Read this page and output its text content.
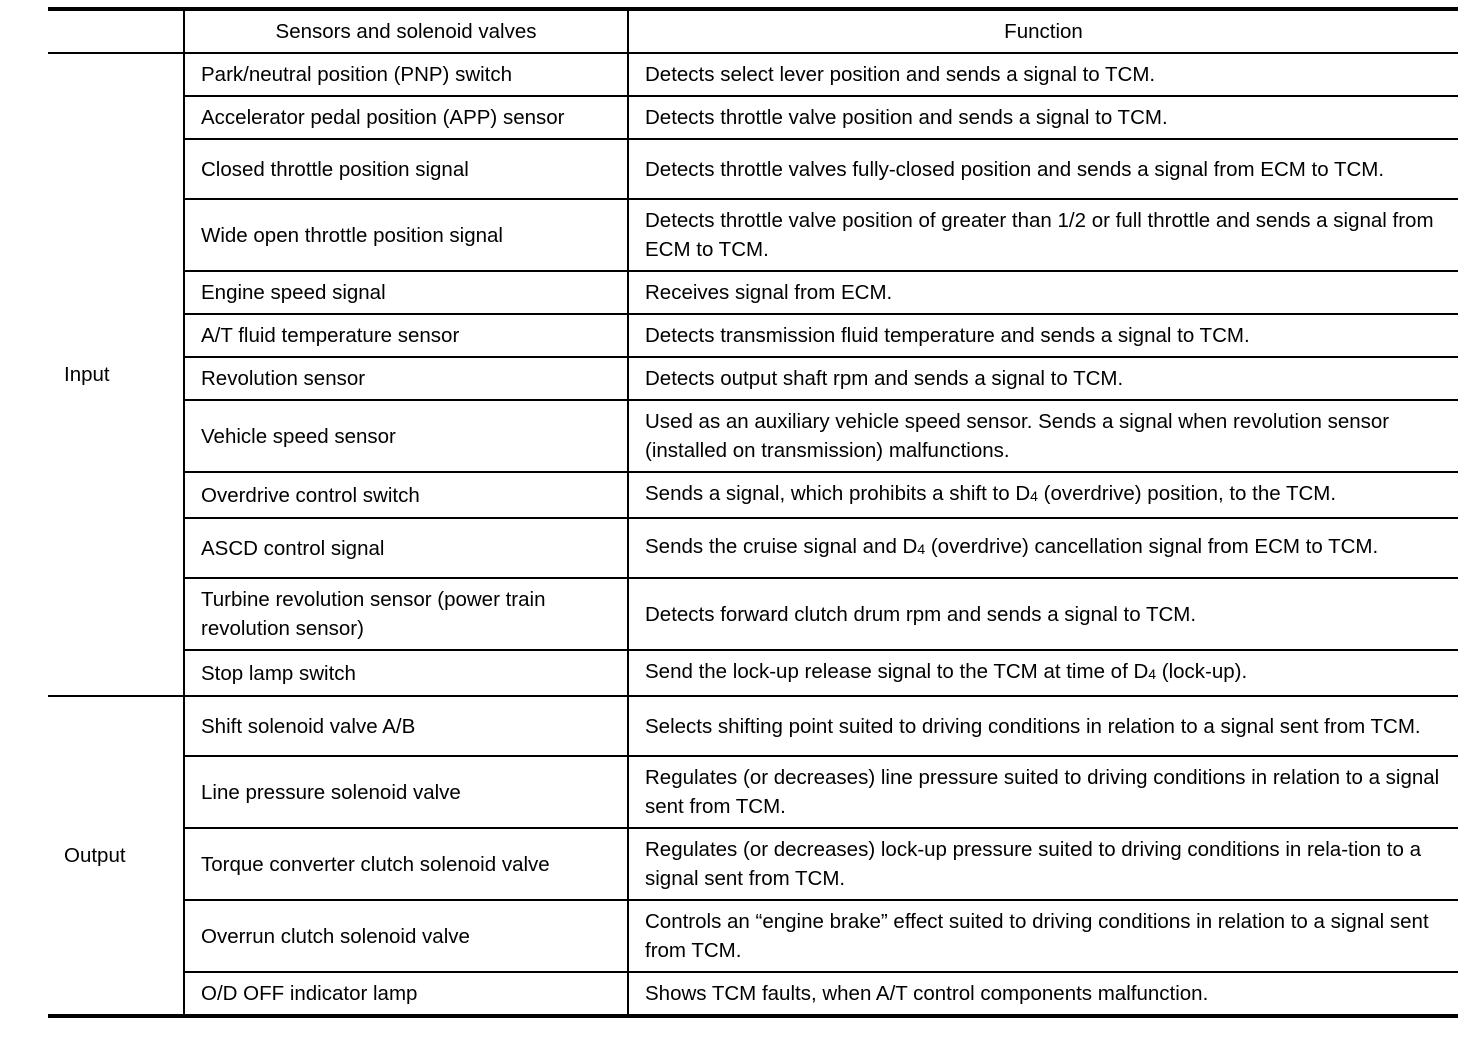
	Sensors and solenoid valves	Function
Input	Park/neutral position (PNP) switch	Detects select lever position and sends a signal to TCM.
	Accelerator pedal position (APP) sensor	Detects throttle valve position and sends a signal to TCM.
	Closed throttle position signal	Detects throttle valves fully-closed position and sends a signal from ECM to TCM.
	Wide open throttle position signal	Detects throttle valve position of greater than 1/2 or full throttle and sends a signal from ECM to TCM.
	Engine speed signal	Receives signal from ECM.
	A/T fluid temperature sensor	Detects transmission fluid temperature and sends a signal to TCM.
	Revolution sensor	Detects output shaft rpm and sends a signal to TCM.
	Vehicle speed sensor	Used as an auxiliary vehicle speed sensor. Sends a signal when revolution sensor (installed on transmission) malfunctions.
	Overdrive control switch	Sends a signal, which prohibits a shift to $D_4$ (overdrive) position, to the TCM.
	ASCD control signal	Sends the cruise signal and $D_4$ (overdrive) cancellation signal from ECM to TCM.
	Turbine revolution sensor (power train revolution sensor)	Detects forward clutch drum rpm and sends a signal to TCM.
	Stop lamp switch	Send the lock-up release signal to the TCM at time of $D_4$ (lock-up).
Output	Shift solenoid valve A/B	Selects shifting point suited to driving conditions in relation to a signal sent from TCM.
	Line pressure solenoid valve	Regulates (or decreases) line pressure suited to driving conditions in relation to a signal sent from TCM.
	Torque converter clutch solenoid valve	Regulates (or decreases) lock-up pressure suited to driving conditions in rela-tion to a signal sent from TCM.
	Overrun clutch solenoid valve	Controls an “engine brake” effect suited to driving conditions in relation to a signal sent from TCM.
	O/D OFF indicator lamp	Shows TCM faults, when A/T control components malfunction.
